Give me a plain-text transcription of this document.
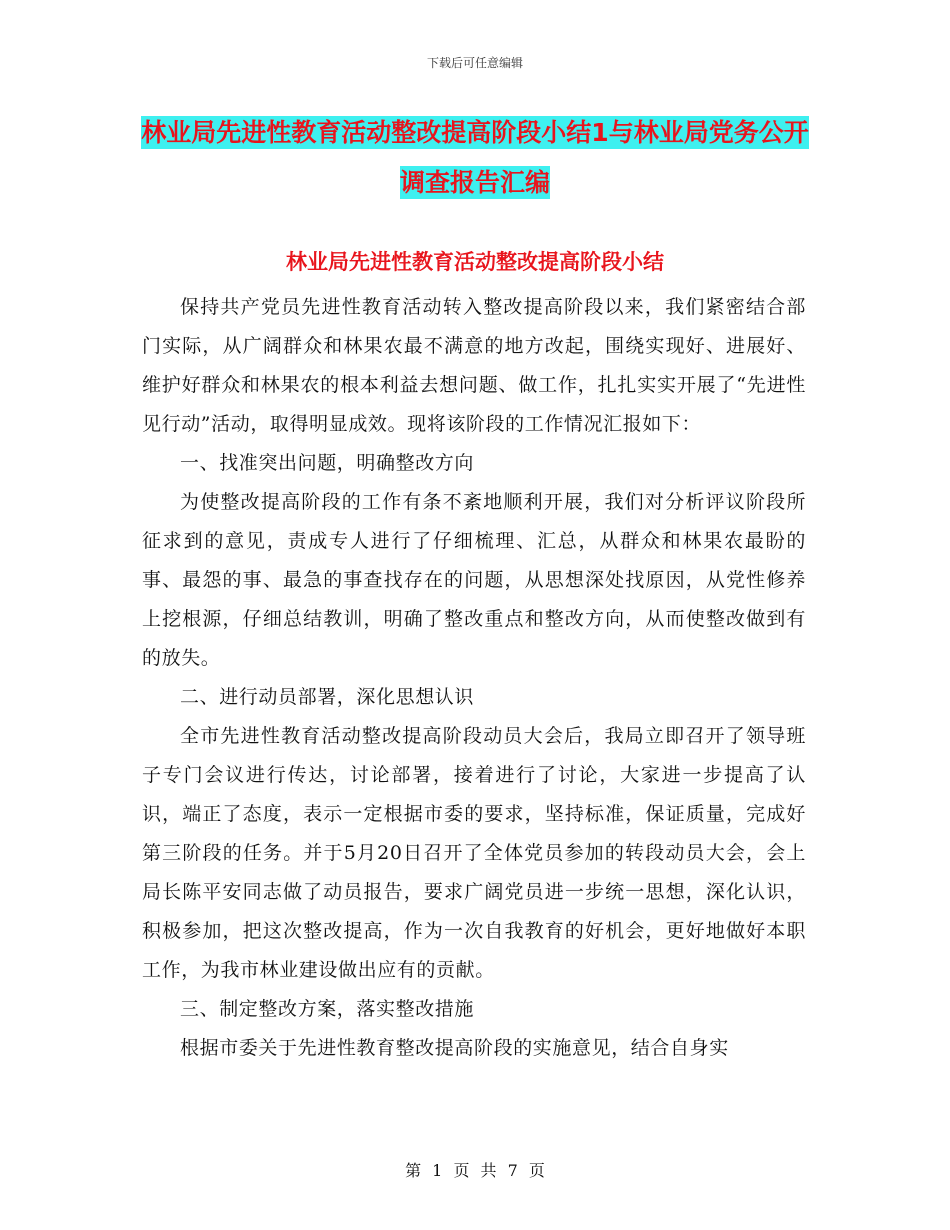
下载后可任意编辑
林业局先进性教育活动整改提高阶段小结1与林业局党务公开调查报告汇编
林业局先进性教育活动整改提高阶段小结

保持共产党员先进性教育活动转入整改提高阶段以来，我们紧密结合部门实际，从广阔群众和林果农最不满意的地方改起，围绕实现好、进展好、维护好群众和林果农的根本利益去想问题、做工作，扎扎实实开展了“先进性见行动”活动，取得明显成效。现将该阶段的工作情况汇报如下：

一、找准突出问题，明确整改方向

为使整改提高阶段的工作有条不紊地顺利开展，我们对分析评议阶段所征求到的意见，责成专人进行了仔细梳理、汇总，从群众和林果农最盼的事、最怨的事、最急的事查找存在的问题，从思想深处找原因，从党性修养上挖根源，仔细总结教训，明确了整改重点和整改方向，从而使整改做到有的放失。

二、进行动员部署，深化思想认识

全市先进性教育活动整改提高阶段动员大会后，我局立即召开了领导班子专门会议进行传达，讨论部署，接着进行了讨论，大家进一步提高了认识，端正了态度，表示一定根据市委的要求，坚持标准，保证质量，完成好第三阶段的任务。并于5月20日召开了全体党员参加的转段动员大会，会上局长陈平安同志做了动员报告，要求广阔党员进一步统一思想，深化认识，积极参加，把这次整改提高，作为一次自我教育的好机会，更好地做好本职工作，为我市林业建设做出应有的贡献。

三、制定整改方案，落实整改措施

根据市委关于先进性教育整改提高阶段的实施意见，结合自身实

第 1 页 共 7 页
